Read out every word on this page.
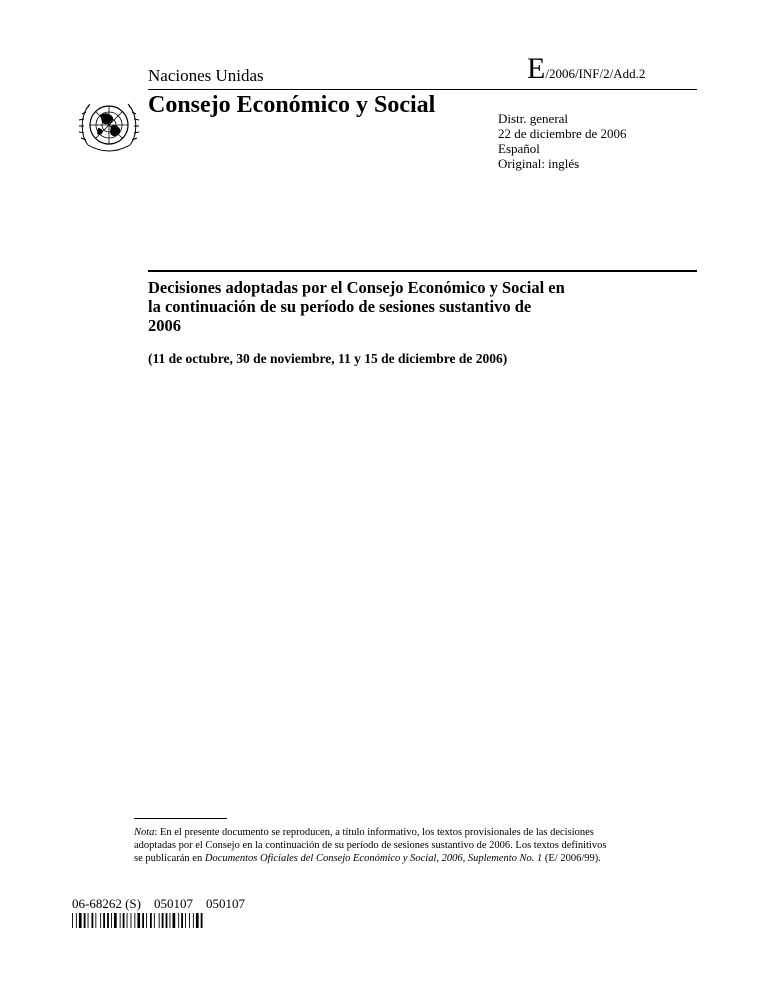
Naciones Unidas	E/2006/INF/2/Add.2
Consejo Económico y Social
Distr. general
22 de diciembre de 2006
Español
Original: inglés
Decisiones adoptadas por el Consejo Económico y Social en la continuación de su período de sesiones sustantivo de 2006
(11 de octubre, 30 de noviembre, 11 y 15 de diciembre de 2006)
Nota: En el presente documento se reproducen, a título informativo, los textos provisionales de las decisiones adoptadas por el Consejo en la continuación de su período de sesiones sustantivo de 2006. Los textos definitivos se publicarán en Documentos Oficiales del Consejo Económico y Social, 2006, Suplemento No. 1 (E/ 2006/99).
06-68262 (S)    050107    050107
